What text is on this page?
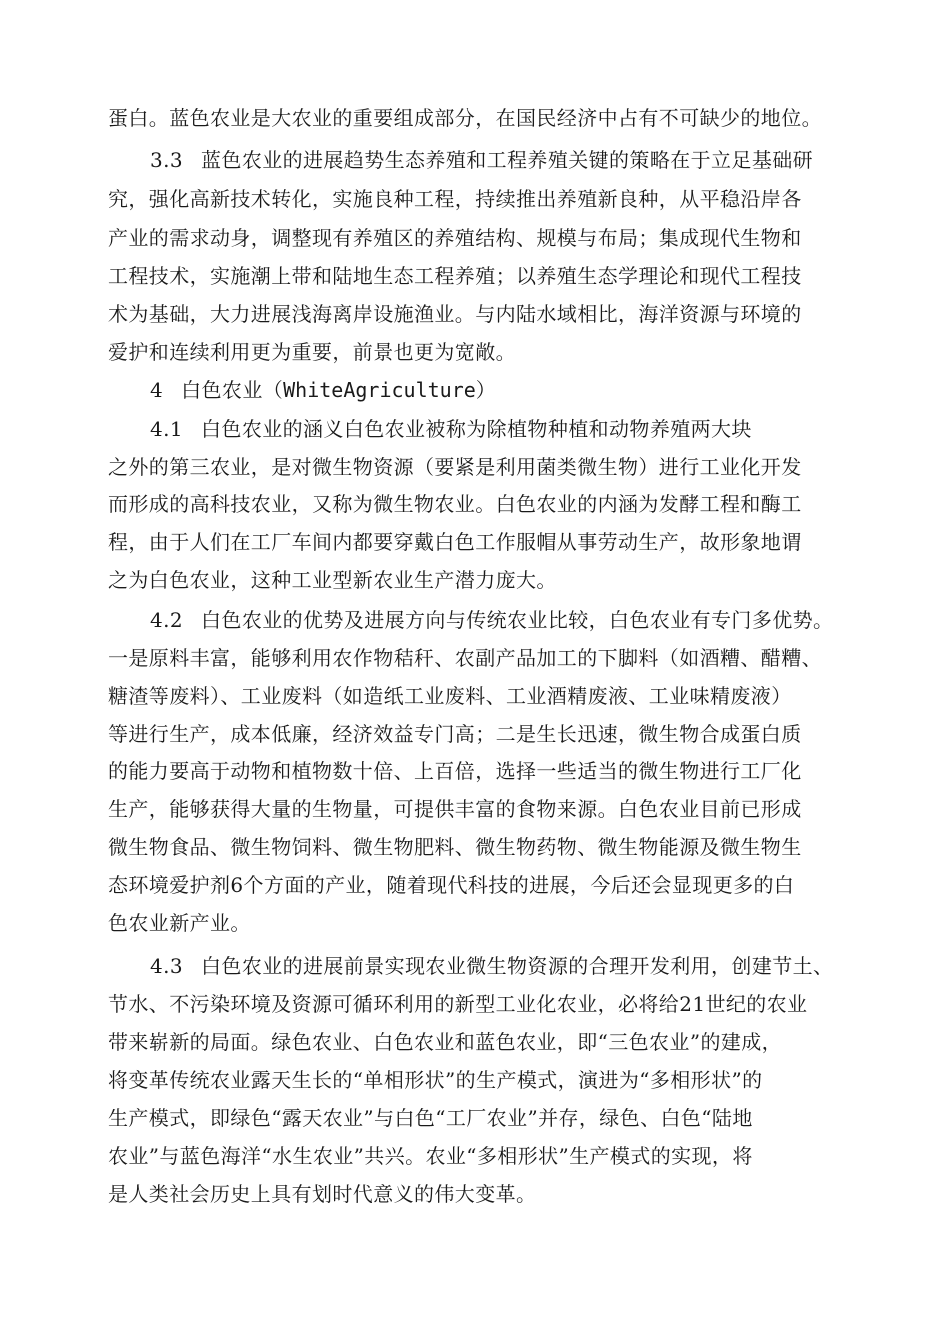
蛋白。蓝色农业是大农业的重要组成部分，在国民经济中占有不可缺少的地位。
3.3 蓝色农业的进展趋势生态养殖和工程养殖关键的策略在于立足基础研
究，强化高新技术转化，实施良种工程，持续推出养殖新良种，从平稳沿岸各
产业的需求动身，调整现有养殖区的养殖结构、规模与布局；集成现代生物和
工程技术，实施潮上带和陆地生态工程养殖；以养殖生态学理论和现代工程技
术为基础，大力进展浅海离岸设施渔业。与内陆水域相比，海洋资源与环境的
爱护和连续利用更为重要，前景也更为宽敞。
4 白色农业（WhiteAgriculture）
4.1 白色农业的涵义白色农业被称为除植物种植和动物养殖两大块
之外的第三农业，是对微生物资源（要紧是利用菌类微生物）进行工业化开发
而形成的高科技农业，又称为微生物农业。白色农业的内涵为发酵工程和酶工
程，由于人们在工厂车间内都要穿戴白色工作服帽从事劳动生产，故形象地谓
之为白色农业，这种工业型新农业生产潜力庞大。
4.2 白色农业的优势及进展方向与传统农业比较，白色农业有专门多优势。
一是原料丰富，能够利用农作物秸秆、农副产品加工的下脚料（如酒糟、醋糟、
糖渣等废料）、工业废料（如造纸工业废料、工业酒精废液、工业味精废液）
等进行生产，成本低廉，经济效益专门高；二是生长迅速，微生物合成蛋白质
的能力要高于动物和植物数十倍、上百倍，选择一些适当的微生物进行工厂化
生产，能够获得大量的生物量，可提供丰富的食物来源。白色农业目前已形成
微生物食品、微生物饲料、微生物肥料、微生物药物、微生物能源及微生物生
态环境爱护剂6个方面的产业，随着现代科技的进展，今后还会显现更多的白
色农业新产业。
4.3 白色农业的进展前景实现农业微生物资源的合理开发利用，创建节土、
节水、不污染环境及资源可循环利用的新型工业化农业，必将给21世纪的农业
带来崭新的局面。绿色农业、白色农业和蓝色农业，即“三色农业”的建成，
将变革传统农业露天生长的“单相形状”的生产模式，演进为“多相形状”的
生产模式，即绿色“露天农业”与白色“工厂农业”并存，绿色、白色“陆地
农业”与蓝色海洋“水生农业”共兴。农业“多相形状”生产模式的实现，将
是人类社会历史上具有划时代意义的伟大变革。
